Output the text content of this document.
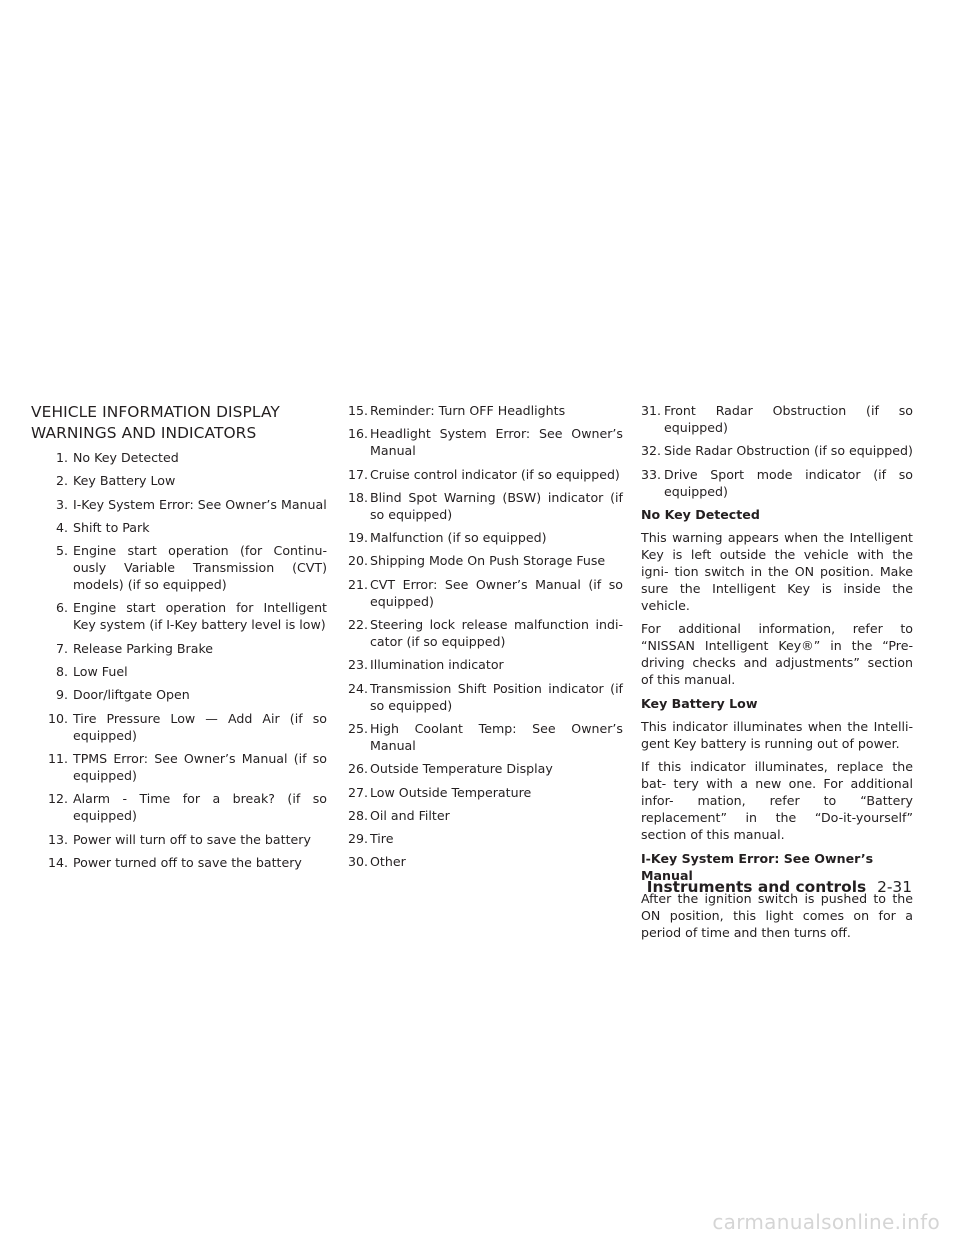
VEHICLE INFORMATION DISPLAY
WARNINGS AND INDICATORS
1. No Key Detected
2. Key Battery Low
3. I-Key System Error: See Owner’s Manual
4. Shift to Park
5. Engine start operation (for Continu- ously Variable Transmission (CVT) models) (if so equipped)
6. Engine start operation for Intelligent Key system (if I-Key battery level is low)
7. Release Parking Brake
8. Low Fuel
9. Door/liftgate Open
10. Tire Pressure Low — Add Air (if so equipped)
11. TPMS Error: See Owner’s Manual (if so equipped)
12. Alarm - Time for a break? (if so equipped)
13. Power will turn off to save the battery
14. Power turned off to save the battery
15. Reminder: Turn OFF Headlights
16. Headlight System Error: See Owner’s Manual
17. Cruise control indicator (if so equipped)
18. Blind Spot Warning (BSW) indicator (if so equipped)
19. Malfunction (if so equipped)
20. Shipping Mode On Push Storage Fuse
21. CVT Error: See Owner’s Manual (if so equipped)
22. Steering lock release malfunction indi- cator (if so equipped)
23. Illumination indicator
24. Transmission Shift Position indicator (if so equipped)
25. High Coolant Temp: See Owner’s Manual
26. Outside Temperature Display
27. Low Outside Temperature
28. Oil and Filter
29. Tire
30. Other
31. Front Radar Obstruction (if so equipped)
32. Side Radar Obstruction (if so equipped)
33. Drive Sport mode indicator (if so equipped)
No Key Detected

This warning appears when the Intelligent Key is left outside the vehicle with the igni- tion switch in the ON position. Make sure the Intelligent Key is inside the vehicle.

For additional information, refer to “NISSAN Intelligent Key®” in the “Pre-driving checks and adjustments” section of this manual.

Key Battery Low

This indicator illuminates when the Intelli- gent Key battery is running out of power.

If this indicator illuminates, replace the bat- tery with a new one. For additional infor- mation, refer to “Battery replacement” in the “Do-it-yourself” section of this manual.

I-Key System Error: See Owner’s Manual

After the ignition switch is pushed to the ON position, this light comes on for a period of time and then turns off.

Instruments and controls 2-31
carmanualsonline.info
